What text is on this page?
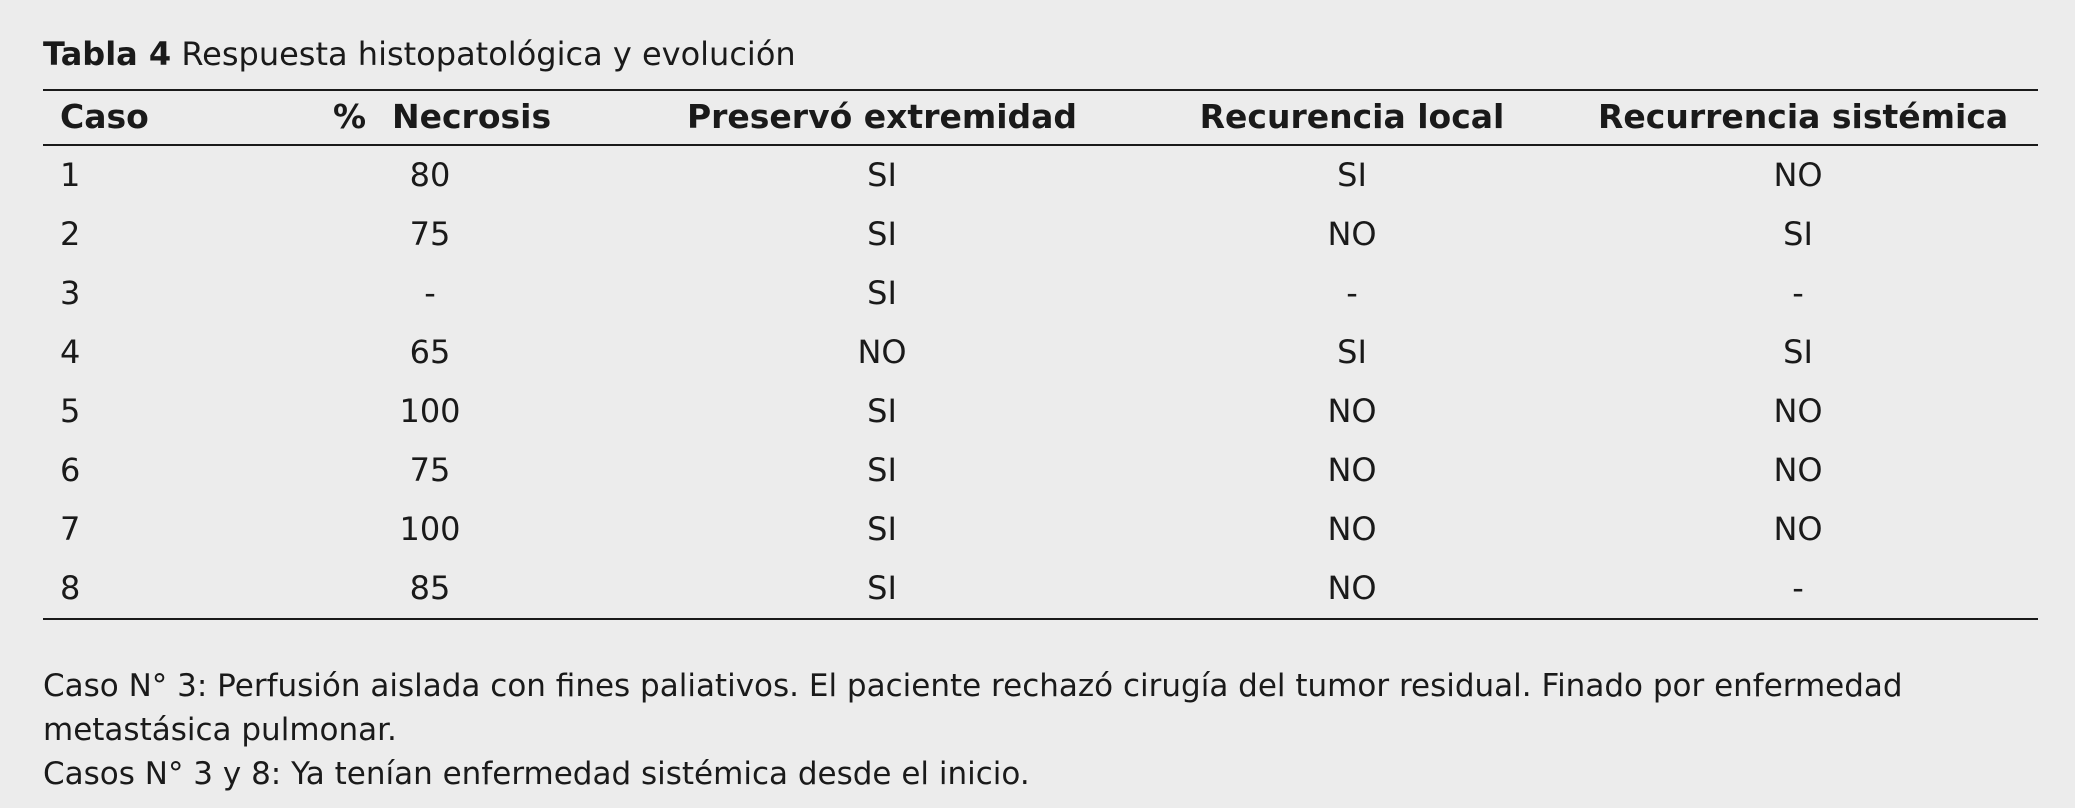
Tabla 4 Respuesta histopatológica y evolución
Caso	% Necrosis	Preservó extremidad	Recurencia local	Recurrencia sistémica
1	80	SI	SI	NO
2	75	SI	NO	SI
3	-	SI	-	-
4	65	NO	SI	SI
5	100	SI	NO	NO
6	75	SI	NO	NO
7	100	SI	NO	NO
8	85	SI	NO	-
Caso N° 3: Perfusión aislada con fines paliativos. El paciente rechazó cirugía del tumor residual. Finado por enfermedad
metastásica pulmonar.
Casos N° 3 y 8: Ya tenían enfermedad sistémica desde el inicio.
